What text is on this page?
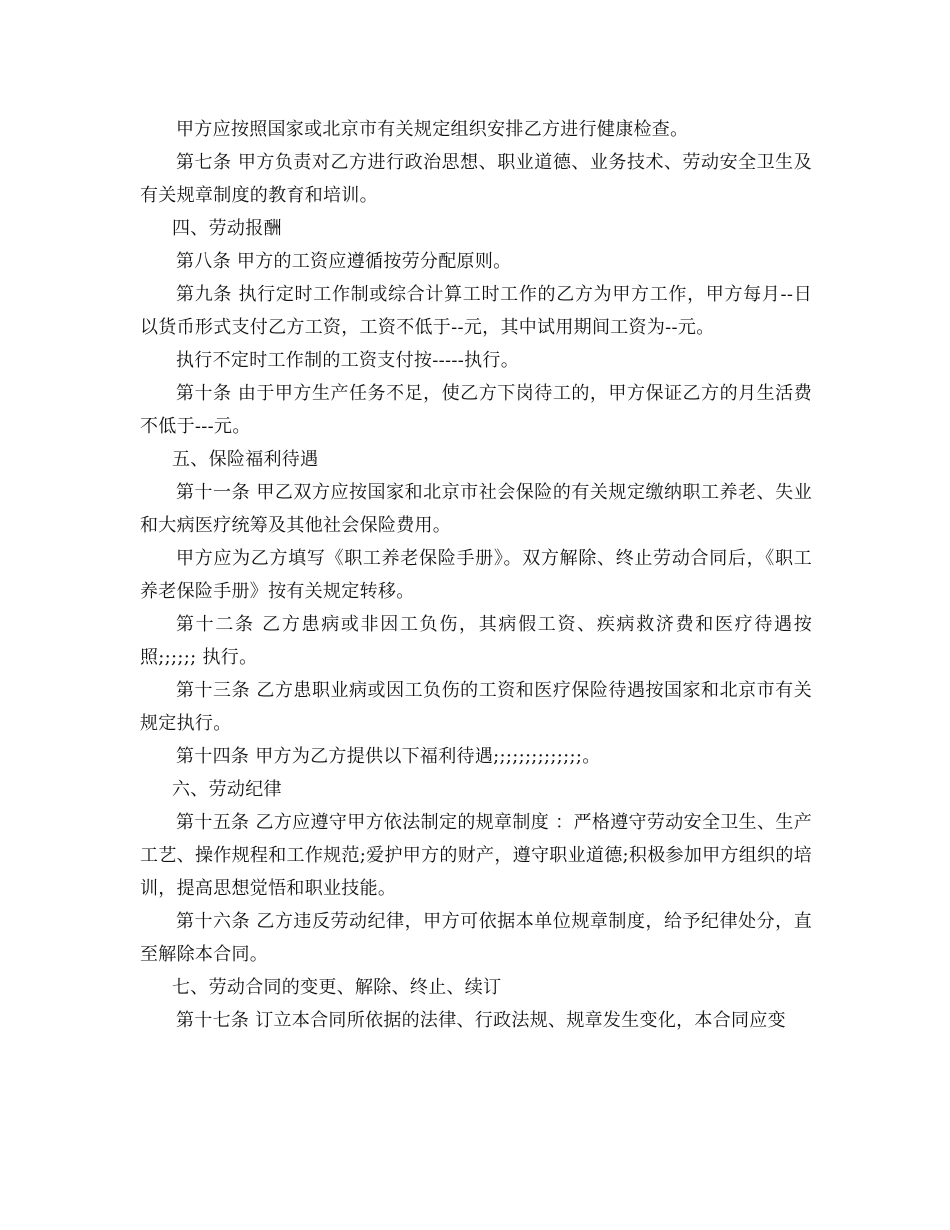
甲方应按照国家或北京市有关规定组织安排乙方进行健康检查。

第七条 甲方负责对乙方进行政治思想、职业道德、业务技术、劳动安全卫生及有关规章制度的教育和培训。

四、劳动报酬

第八条 甲方的工资应遵循按劳分配原则。

第九条 执行定时工作制或综合计算工时工作的乙方为甲方工作，甲方每月--日以货币形式支付乙方工资，工资不低于--元，其中试用期间工资为--元。

执行不定时工作制的工资支付按-----执行。

第十条 由于甲方生产任务不足，使乙方下岗待工的，甲方保证乙方的月生活费不低于---元。

五、保险福利待遇

第十一条 甲乙双方应按国家和北京市社会保险的有关规定缴纳职工养老、失业和大病医疗统筹及其他社会保险费用。

甲方应为乙方填写《职工养老保险手册》。双方解除、终止劳动合同后，《职工养老保险手册》按有关规定转移。

第十二条 乙方患病或非因工负伤，其病假工资、疾病救济费和医疗待遇按照;;;;;; 执行。

第十三条 乙方患职业病或因工负伤的工资和医疗保险待遇按国家和北京市有关规定执行。

第十四条 甲方为乙方提供以下福利待遇;;;;;;;;;;;;;;。

六、劳动纪律

第十五条 乙方应遵守甲方依法制定的规章制度 ：严格遵守劳动安全卫生、生产工艺、操作规程和工作规范;爱护甲方的财产，遵守职业道德;积极参加甲方组织的培训，提高思想觉悟和职业技能。

第十六条 乙方违反劳动纪律，甲方可依据本单位规章制度，给予纪律处分，直至解除本合同。

七、劳动合同的变更、解除、终止、续订

第十七条 订立本合同所依据的法律、行政法规、规章发生变化，本合同应变
